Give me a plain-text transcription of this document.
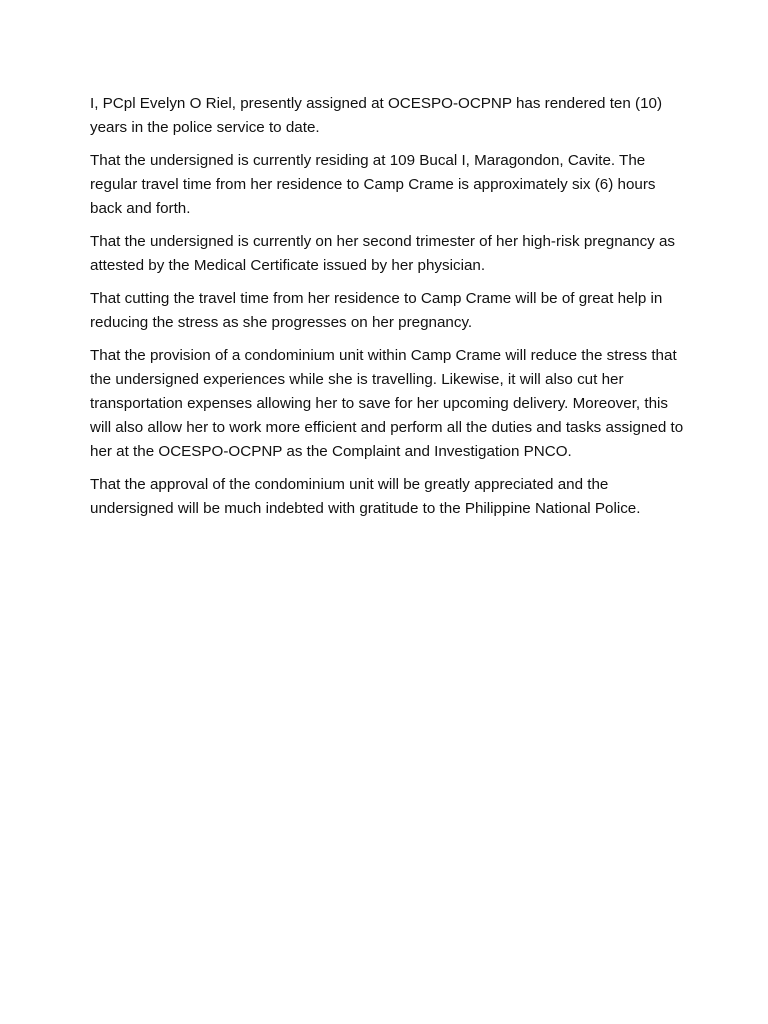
I, PCpl Evelyn O Riel, presently assigned at OCESPO-OCPNP has rendered ten (10) years in the police service to date.

That the undersigned is currently residing at 109 Bucal I, Maragondon, Cavite. The regular travel time from her residence to Camp Crame is approximately six (6) hours back and forth.

That the undersigned is currently on her second trimester of her high-risk pregnancy as attested by the Medical Certificate issued by her physician.

That cutting the travel time from her residence to Camp Crame will be of great help in reducing the stress as she progresses on her pregnancy.

That the provision of a condominium unit within Camp Crame will reduce the stress that the undersigned experiences while she is travelling. Likewise, it will also cut her transportation expenses allowing her to save for her upcoming delivery. Moreover, this will also allow her to work more efficient and perform all the duties and tasks assigned to her at the OCESPO-OCPNP as the Complaint and Investigation PNCO.

That the approval of the condominium unit will be greatly appreciated and the undersigned will be much indebted with gratitude to the Philippine National Police.
